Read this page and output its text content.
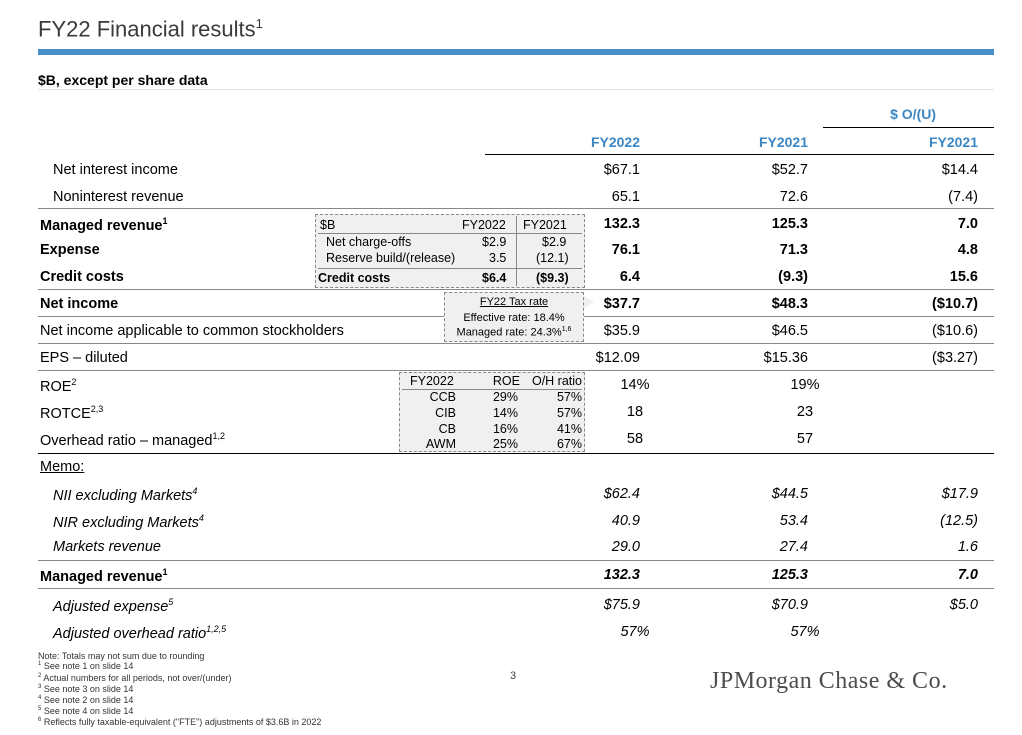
FY22 Financial results$^1$
$B, except per share data
$ O/(U)
FY2022	FY2021	FY2021
Net interest income	$67.1	$52.7	$14.4
Noninterest revenue	65.1	72.6	(7.4)
Managed revenue$^1$	132.3	125.3	7.0
Expense	76.1	71.3	4.8
Credit costs	6.4	(9.3)	15.6
Net income	$37.7	$48.3	($10.7)
Net income applicable to common stockholders	$35.9	$46.5	($10.6)
EPS – diluted	$12.09	$15.36	($3.27)
ROE$^2$	14%	19%
ROTCE$^{2,3}$	18	23
Overhead ratio – managed$^{1,2}$	58	57
Memo:
NII excluding Markets$^4$	$62.4	$44.5	$17.9
NIR excluding Markets$^4$	40.9	53.4	(12.5)
Markets revenue	29.0	27.4	1.6
Managed revenue$^1$	132.3	125.3	7.0
Adjusted expense$^5$	$75.9	$70.9	$5.0
Adjusted overhead ratio$^{1,2,5}$	57%	57%
$B	FY2022 FY2021
Net charge-offs	$2.9	$2.9
Reserve build/(release)	3.5 (12.1)
Credit costs	$6.4 ($9.3)
FY22 Tax rate
Effective rate: 18.4%
Managed rate: 24.3%$^{1,6}$
FY2022	ROE O/H ratio
CCB	29%	57%
CIB	14%	57%
CB	16%	41%
AWM	25%	67%
Note: Totals may not sum due to rounding
$^1$ See note 1 on slide 14
$^2$ Actual numbers for all periods, not over/(under)
$^3$ See note 3 on slide 14
$^4$ See note 2 on slide 14
$^5$ See note 4 on slide 14
$^6$ Reflects fully taxable-equivalent ("FTE") adjustments of $3.6B in 2022
3	JPMorgan Chase & Co.
